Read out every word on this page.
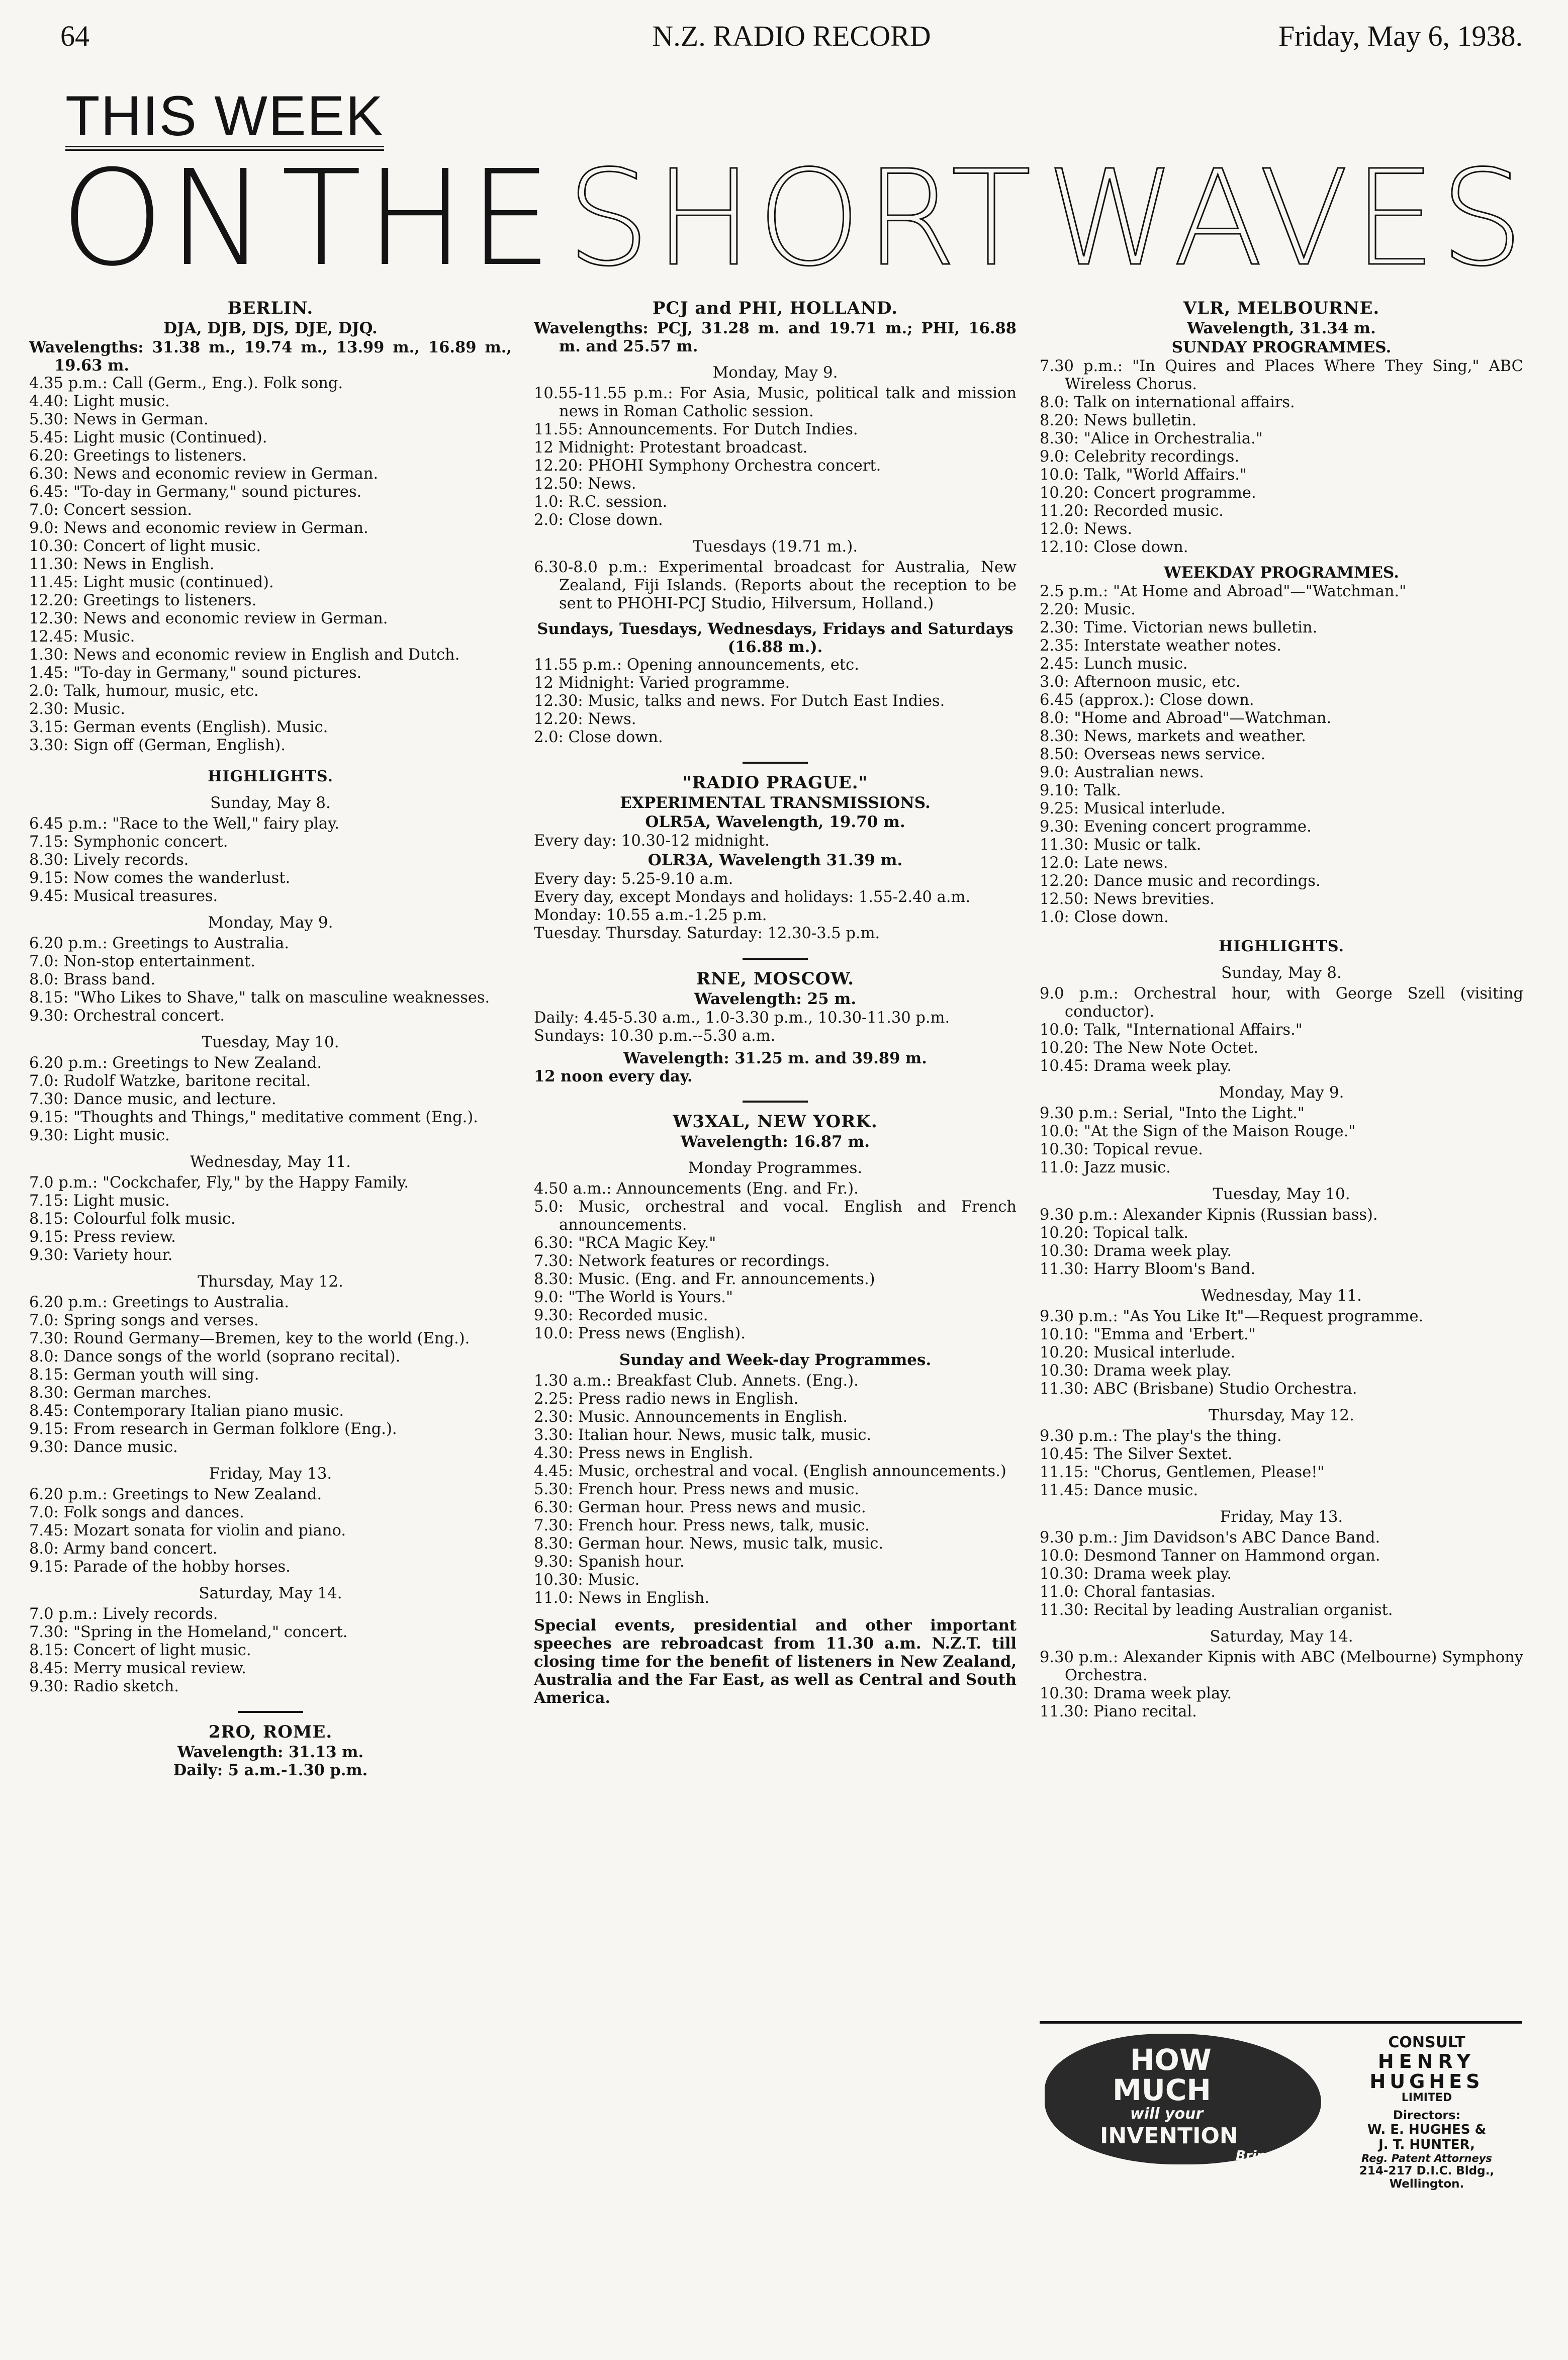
64	N.Z. RADIO RECORD	Friday, May 6, 1938.
THIS WEEK
ON THE SHORT WAVES
BERLIN.
DJA, DJB, DJS, DJE, DJQ.

Wavelengths: 31.38 m., 19.74 m., 13.99 m., 16.89 m., 19.63 m.

4.35 p.m.: Call (Germ., Eng.). Folk song.

4.40: Light music.

5.30: News in German.

5.45: Light music (Continued).

6.20: Greetings to listeners.

6.30: News and economic review in German.

6.45: "To-day in Germany," sound pictures.

7.0: Concert session.

9.0: News and economic review in German.

10.30: Concert of light music.

11.30: News in English.

11.45: Light music (continued).

12.20: Greetings to listeners.

12.30: News and economic review in German.

12.45: Music.

1.30: News and economic review in English and Dutch.

1.45: "To-day in Germany," sound pictures.

2.0: Talk, humour, music, etc.

2.30: Music.

3.15: German events (English). Music.

3.30: Sign off (German, English).

HIGHLIGHTS.
Sunday, May 8.

6.45 p.m.: "Race to the Well," fairy play.

7.15: Symphonic concert.

8.30: Lively records.

9.15: Now comes the wanderlust.

9.45: Musical treasures.

Monday, May 9.

6.20 p.m.: Greetings to Australia.

7.0: Non-stop entertainment.

8.0: Brass band.

8.15: "Who Likes to Shave," talk on masculine weaknesses.

9.30: Orchestral concert.

Tuesday, May 10.

6.20 p.m.: Greetings to New Zealand.

7.0: Rudolf Watzke, baritone recital.

7.30: Dance music, and lecture.

9.15: "Thoughts and Things," meditative comment (Eng.).

9.30: Light music.

Wednesday, May 11.

7.0 p.m.: "Cockchafer, Fly," by the Happy Family.

7.15: Light music.

8.15: Colourful folk music.

9.15: Press review.

9.30: Variety hour.

Thursday, May 12.

6.20 p.m.: Greetings to Australia.

7.0: Spring songs and verses.

7.30: Round Germany—Bremen, key to the world (Eng.).

8.0: Dance songs of the world (soprano recital).

8.15: German youth will sing.

8.30: German marches.

8.45: Contemporary Italian piano music.

9.15: From research in German folklore (Eng.).

9.30: Dance music.

Friday, May 13.

6.20 p.m.: Greetings to New Zealand.

7.0: Folk songs and dances.

7.45: Mozart sonata for violin and piano.

8.0: Army band concert.

9.15: Parade of the hobby horses.

Saturday, May 14.

7.0 p.m.: Lively records.

7.30: "Spring in the Homeland," concert.

8.15: Concert of light music.

8.45: Merry musical review.

9.30: Radio sketch.

2RO, ROME.

Wavelength: 31.13 m.

Daily: 5 a.m.-1.30 p.m.

PCJ and PHI, HOLLAND.

Wavelengths: PCJ, 31.28 m. and 19.71 m.; PHI, 16.88 m. and 25.57 m.

Monday, May 9.

10.55-11.55 p.m.: For Asia, Music, political talk and mission news in Roman Catholic session.

11.55: Announcements. For Dutch Indies.

12 Midnight: Protestant broadcast.

12.20: PHOHI Symphony Orchestra concert.

12.50: News.

1.0: R.C. session.

2.0: Close down.

Tuesdays (19.71 m.).

6.30-8.0 p.m.: Experimental broadcast for Australia, New Zealand, Fiji Islands. (Reports about the reception to be sent to PHOHI-PCJ Studio, Hilversum, Holland.)

Sundays, Tuesdays, Wednesdays, Fridays and Saturdays (16.88 m.).

11.55 p.m.: Opening announcements, etc.

12 Midnight: Varied programme.

12.30: Music, talks and news. For Dutch East Indies.

12.20: News.

2.0: Close down.

"RADIO PRAGUE."
EXPERIMENTAL TRANSMISSIONS.
OLR5A, Wavelength, 19.70 m.

Every day: 10.30-12 midnight.

OLR3A, Wavelength 31.39 m.

Every day: 5.25-9.10 a.m.

Every day, except Mondays and holidays: 1.55-2.40 a.m.

Monday: 10.55 a.m.-1.25 p.m.

Tuesday. Thursday. Saturday: 12.30-3.5 p.m.

RNE, MOSCOW.
Wavelength: 25 m.

Daily: 4.45-5.30 a.m., 1.0-3.30 p.m., 10.30-11.30 p.m.

Sundays: 10.30 p.m.--5.30 a.m.

Wavelength: 31.25 m. and 39.89 m.

12 noon every day.

W3XAL, NEW YORK.
Wavelength: 16.87 m.
Monday Programmes.

4.50 a.m.: Announcements (Eng. and Fr.).

5.0: Music, orchestral and vocal. English and French announcements.

6.30: "RCA Magic Key."

7.30: Network features or recordings.

8.30: Music. (Eng. and Fr. announcements.)

9.0: "The World is Yours."

9.30: Recorded music.

10.0: Press news (English).

Sunday and Week-day Programmes.

1.30 a.m.: Breakfast Club. Annets. (Eng.).

2.25: Press radio news in English.

2.30: Music. Announcements in English.

3.30: Italian hour. News, music talk, music.

4.30: Press news in English.

4.45: Music, orchestral and vocal. (English announcements.)

5.30: French hour. Press news and music.

6.30: German hour. Press news and music.

7.30: French hour. Press news, talk, music.

8.30: German hour. News, music talk, music.

9.30: Spanish hour.

10.30: Music.

11.0: News in English.

Special events, presidential and other important speeches are rebroadcast from 11.30 a.m. N.Z.T. till closing time for the benefit of listeners in New Zealand, Australia and the Far East, as well as Central and South America.

VLR, MELBOURNE.
Wavelength, 31.34 m.
SUNDAY PROGRAMMES.

7.30 p.m.: "In Quires and Places Where They Sing," ABC Wireless Chorus.

8.0: Talk on international affairs.

8.20: News bulletin.

8.30: "Alice in Orchestralia."

9.0: Celebrity recordings.

10.0: Talk, "World Affairs."

10.20: Concert programme.

11.20: Recorded music.

12.0: News.

12.10: Close down.

WEEKDAY PROGRAMMES.

2.5 p.m.: "At Home and Abroad"—"Watchman."

2.20: Music.

2.30: Time. Victorian news bulletin.

2.35: Interstate weather notes.

2.45: Lunch music.

3.0: Afternoon music, etc.

6.45 (approx.): Close down.

8.0: "Home and Abroad"—Watchman.

8.30: News, markets and weather.

8.50: Overseas news service.

9.0: Australian news.

9.10: Talk.

9.25: Musical interlude.

9.30: Evening concert programme.

11.30: Music or talk.

12.0: Late news.

12.20: Dance music and recordings.

12.50: News brevities.

1.0: Close down.

HIGHLIGHTS.
Sunday, May 8.

9.0 p.m.: Orchestral hour, with George Szell (visiting conductor).

10.0: Talk, "International Affairs."

10.20: The New Note Octet.

10.45: Drama week play.

Monday, May 9.

9.30 p.m.: Serial, "Into the Light."

10.0: "At the Sign of the Maison Rouge."

10.30: Topical revue.

11.0: Jazz music.

Tuesday, May 10.

9.30 p.m.: Alexander Kipnis (Russian bass).

10.20: Topical talk.

10.30: Drama week play.

11.30: Harry Bloom's Band.

Wednesday, May 11.

9.30 p.m.: "As You Like It"—Request programme.

10.10: "Emma and 'Erbert."

10.20: Musical interlude.

10.30: Drama week play.

11.30: ABC (Brisbane) Studio Orchestra.

Thursday, May 12.

9.30 p.m.: The play's the thing.

10.45: The Silver Sextet.

11.15: "Chorus, Gentlemen, Please!"

11.45: Dance music.

Friday, May 13.

9.30 p.m.: Jim Davidson's ABC Dance Band.

10.0: Desmond Tanner on Hammond organ.

10.30: Drama week play.

11.0: Choral fantasias.

11.30: Recital by leading Australian organist.

Saturday, May 14.

9.30 p.m.: Alexander Kipnis with ABC (Melbourne) Symphony Orchestra.

10.30: Drama week play.

11.30: Piano recital.

HOW
MUCH
will your
INVENTION
Bring?
CONSULT
HENRY
HUGHES
LIMITED
Directors:
W. E. HUGHES &
J. T. HUNTER,
Reg. Patent Attorneys
214-217 D.I.C. Bldg.,
Wellington.
